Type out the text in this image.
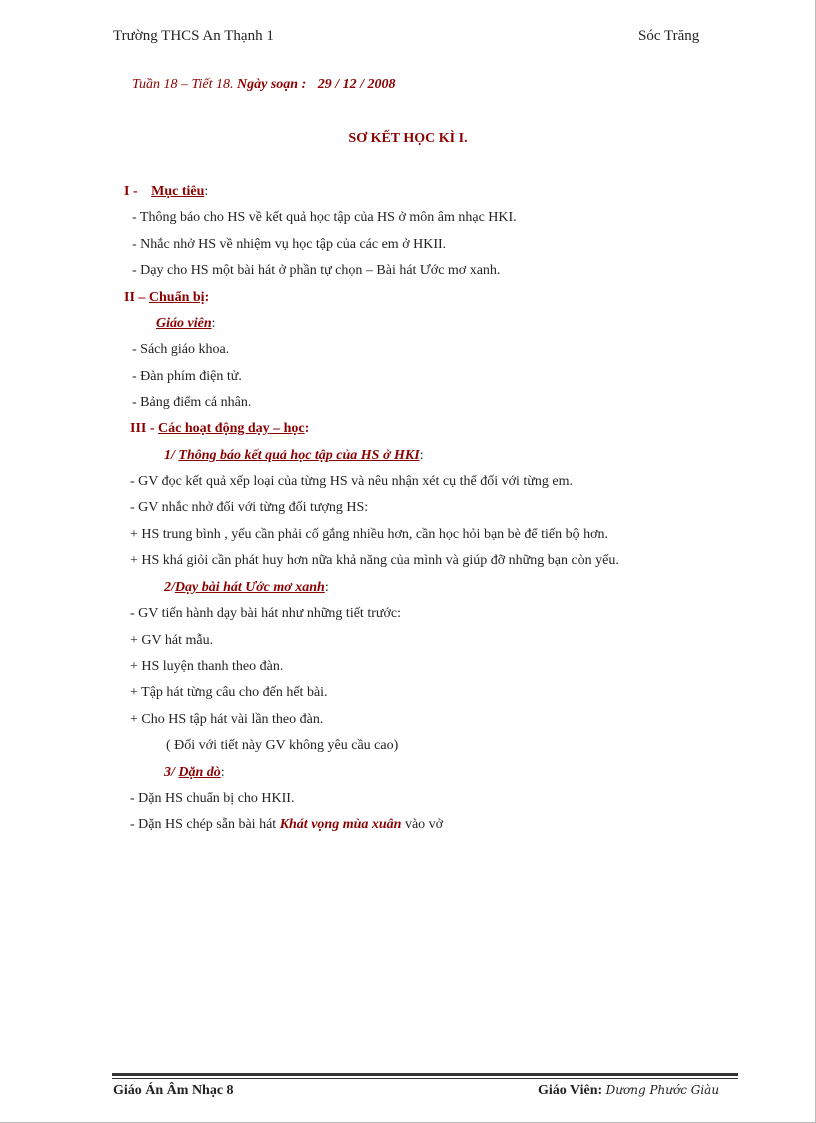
Trường THCS An Thạnh 1	Sóc Trăng
Tuần 18 – Tiết 18. Ngày soạn : 29 / 12 / 2008
SƠ KẾT HỌC KÌ I.
I - Mục tiêu:
- Thông báo cho HS về kết quả học tập của HS ở môn âm nhạc HKI.
- Nhắc nhở HS về nhiệm vụ học tập của các em ở HKII.
- Dạy cho HS một bài hát ở phần tự chọn – Bài hát Ước mơ xanh.
II – Chuẩn bị:
Giáo viên:
- Sách giáo khoa.
- Đàn phím điện tử.
- Bảng điểm cá nhân.
III - Các hoạt động dạy – học:
1/ Thông báo kết quả học tập của HS ở HKI:
- GV đọc kết quả xếp loại của từng HS và nêu nhận xét cụ thể đối với từng em.
- GV nhắc nhở đối với từng đối tượng HS:
+ HS trung bình , yếu cần phải cố gắng nhiều hơn, cần học hỏi bạn bè để tiến bộ hơn.
+ HS khá giỏi cần phát huy hơn nữa khả năng của mình và giúp đỡ những bạn còn yếu.
2/Dạy bài hát Ước mơ xanh:
- GV tiến hành dạy bài hát như những tiết trước:
+ GV hát mẫu.
+ HS luyện thanh theo đàn.
+ Tập hát từng câu cho đến hết bài.
+ Cho HS tập hát vài lần theo đàn.
( Đối với tiết này GV không yêu cầu cao)
3/ Dặn dò:
- Dặn HS chuẩn bị cho HKII.
- Dặn HS chép sẵn bài hát Khát vọng mùa xuân vào vở
Giáo Án Âm Nhạc 8	Giáo Viên: Dương Phước Giàu
